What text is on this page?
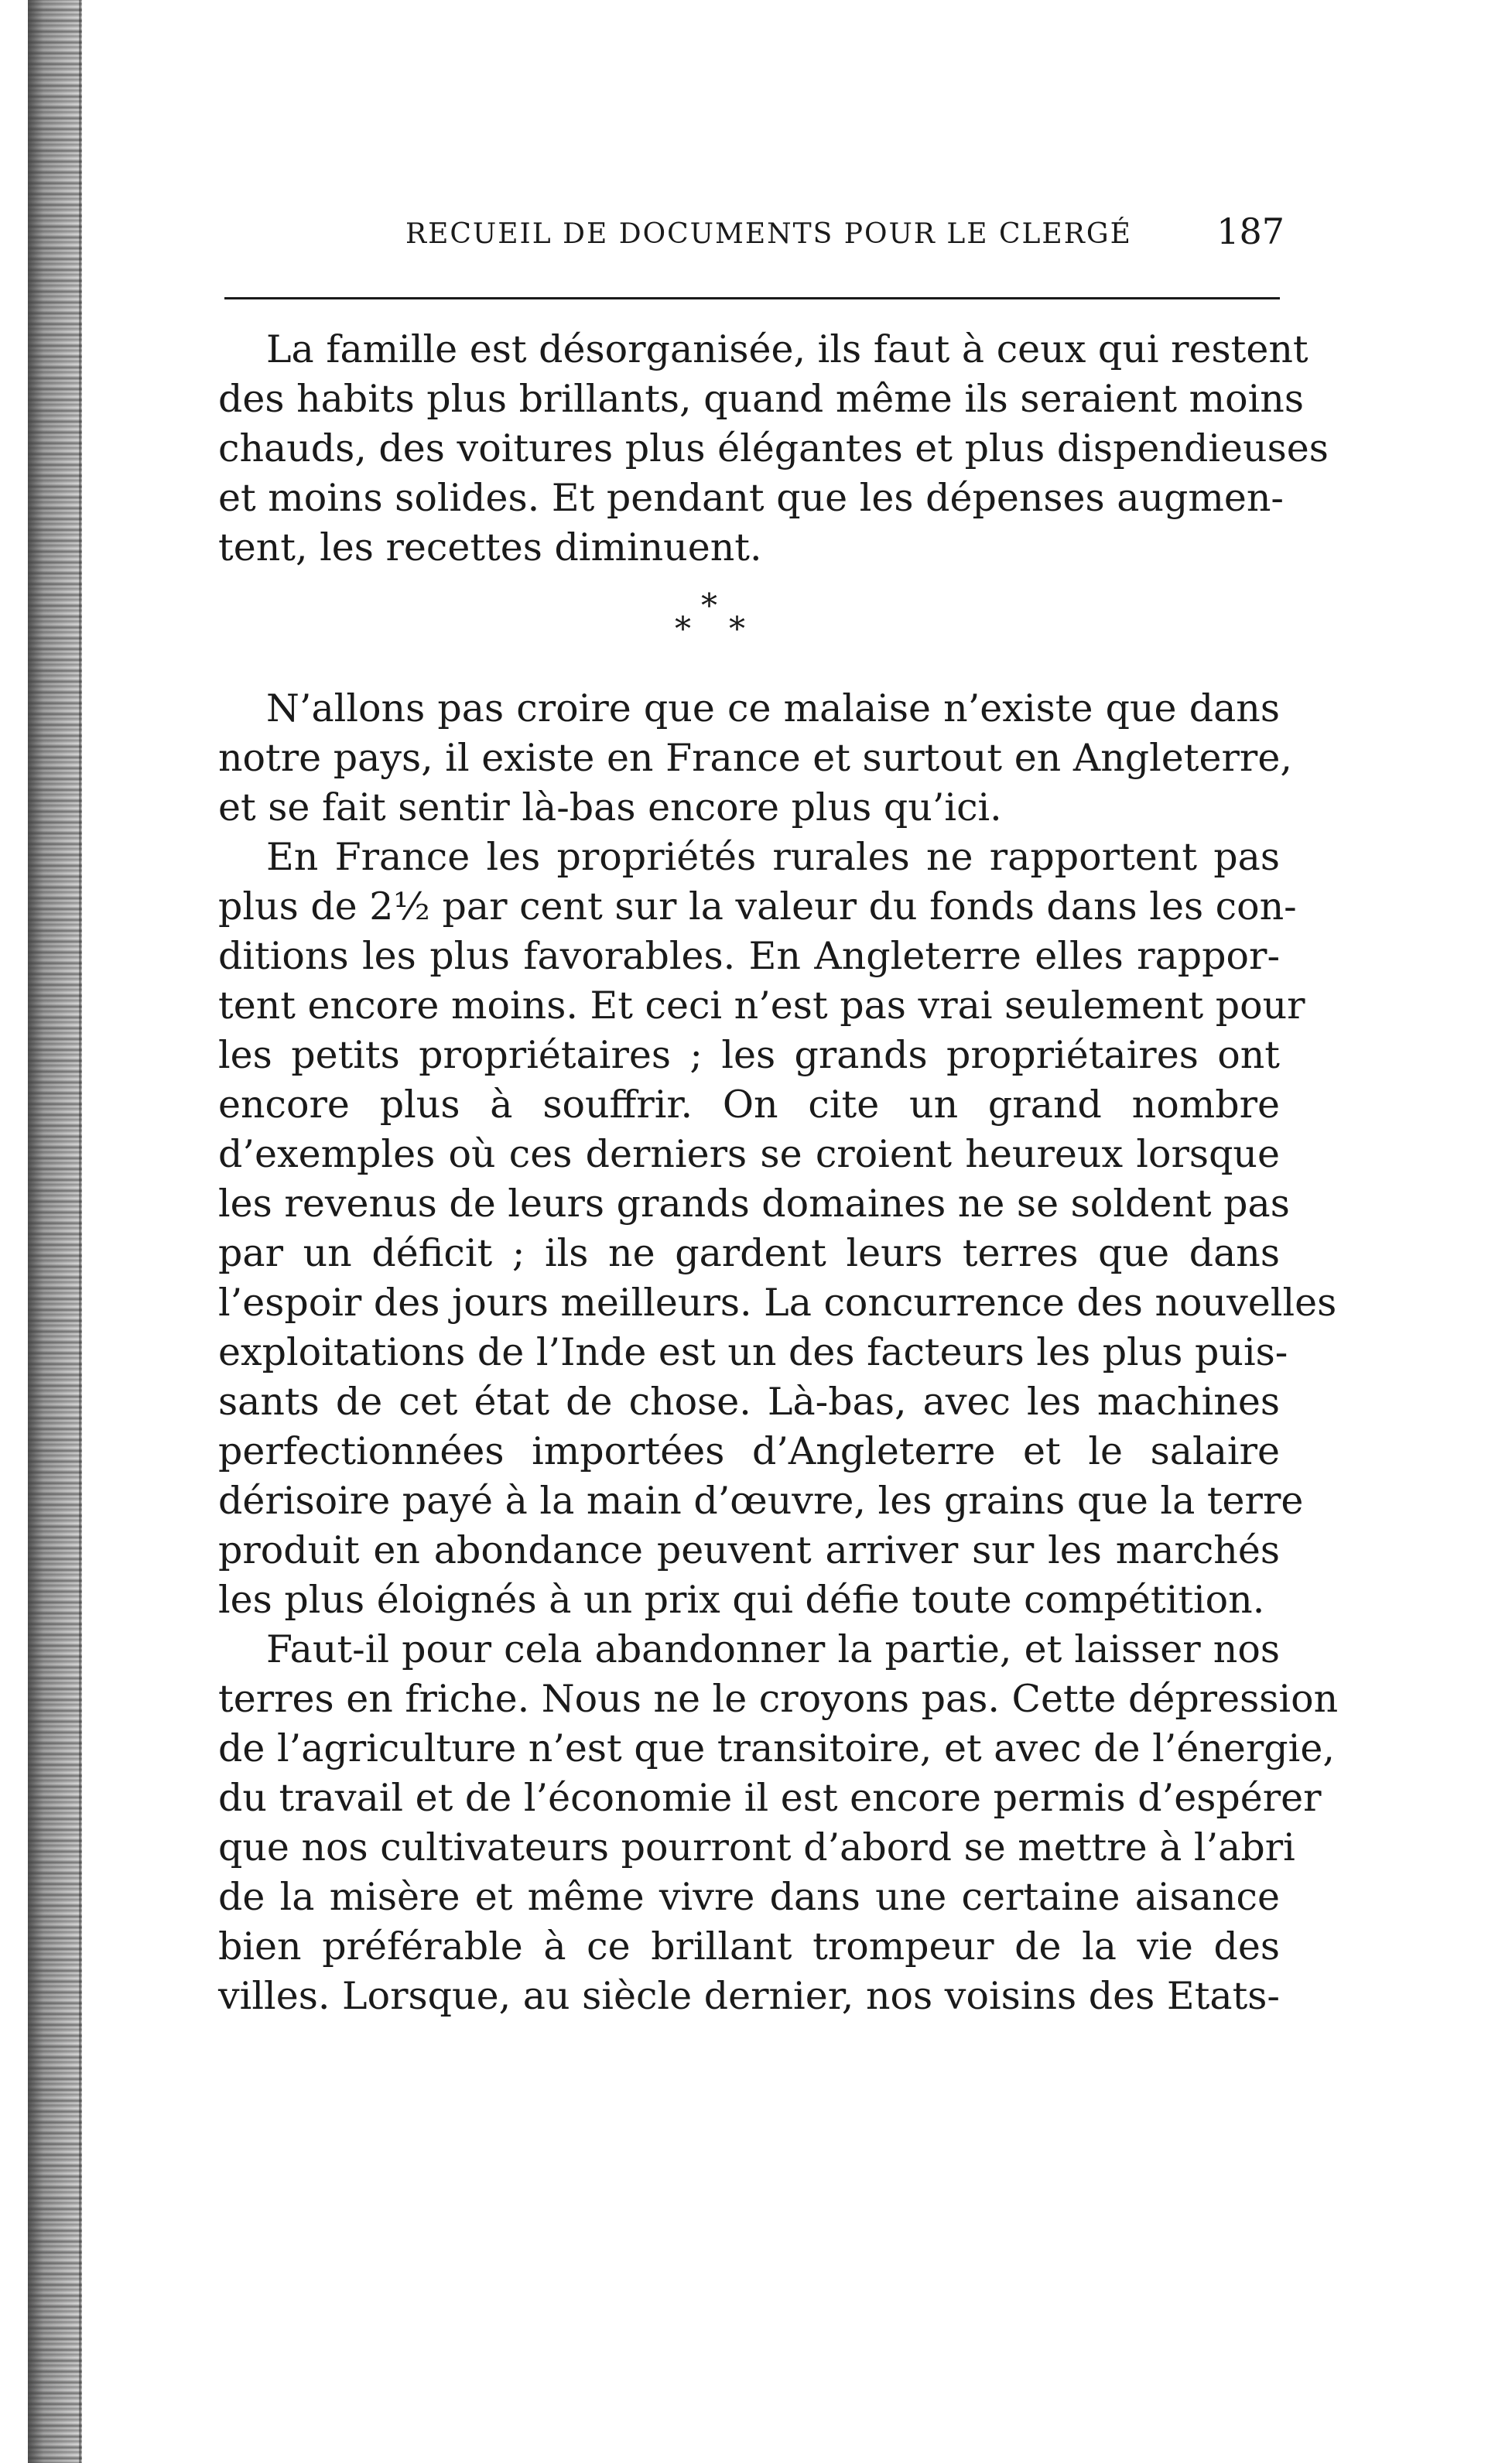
RECUEIL DE DOCUMENTS POUR LE CLERGÉ 187
La famille est désorganisée, ils faut à ceux qui restent
des habits plus brillants, quand même ils seraient moins
chauds, des voitures plus élégantes et plus dispendieuses
et moins solides. Et pendant que les dépenses augmen-
tent, les recettes diminuent.
*
* *
N’allons pas croire que ce malaise n’existe que dans
notre pays, il existe en France et surtout en Angleterre,
et se fait sentir là-bas encore plus qu’ici.
En France les propriétés rurales ne rapportent pas
plus de 2½ par cent sur la valeur du fonds dans les con-
ditions les plus favorables. En Angleterre elles rappor-
tent encore moins. Et ceci n’est pas vrai seulement pour
les petits propriétaires ; les grands propriétaires ont
encore plus à souffrir. On cite un grand nombre
d’exemples où ces derniers se croient heureux lorsque
les revenus de leurs grands domaines ne se soldent pas
par un déficit ; ils ne gardent leurs terres que dans
l’espoir des jours meilleurs. La concurrence des nouvelles
exploitations de l’Inde est un des facteurs les plus puis-
sants de cet état de chose. Là-bas, avec les machines
perfectionnées importées d’Angleterre et le salaire
dérisoire payé à la main d’œuvre, les grains que la terre
produit en abondance peuvent arriver sur les marchés
les plus éloignés à un prix qui défie toute compétition.
Faut-il pour cela abandonner la partie, et laisser nos
terres en friche. Nous ne le croyons pas. Cette dépression
de l’agriculture n’est que transitoire, et avec de l’énergie,
du travail et de l’économie il est encore permis d’espérer
que nos cultivateurs pourront d’abord se mettre à l’abri
de la misère et même vivre dans une certaine aisance
bien préférable à ce brillant trompeur de la vie des
villes. Lorsque, au siècle dernier, nos voisins des Etats-
